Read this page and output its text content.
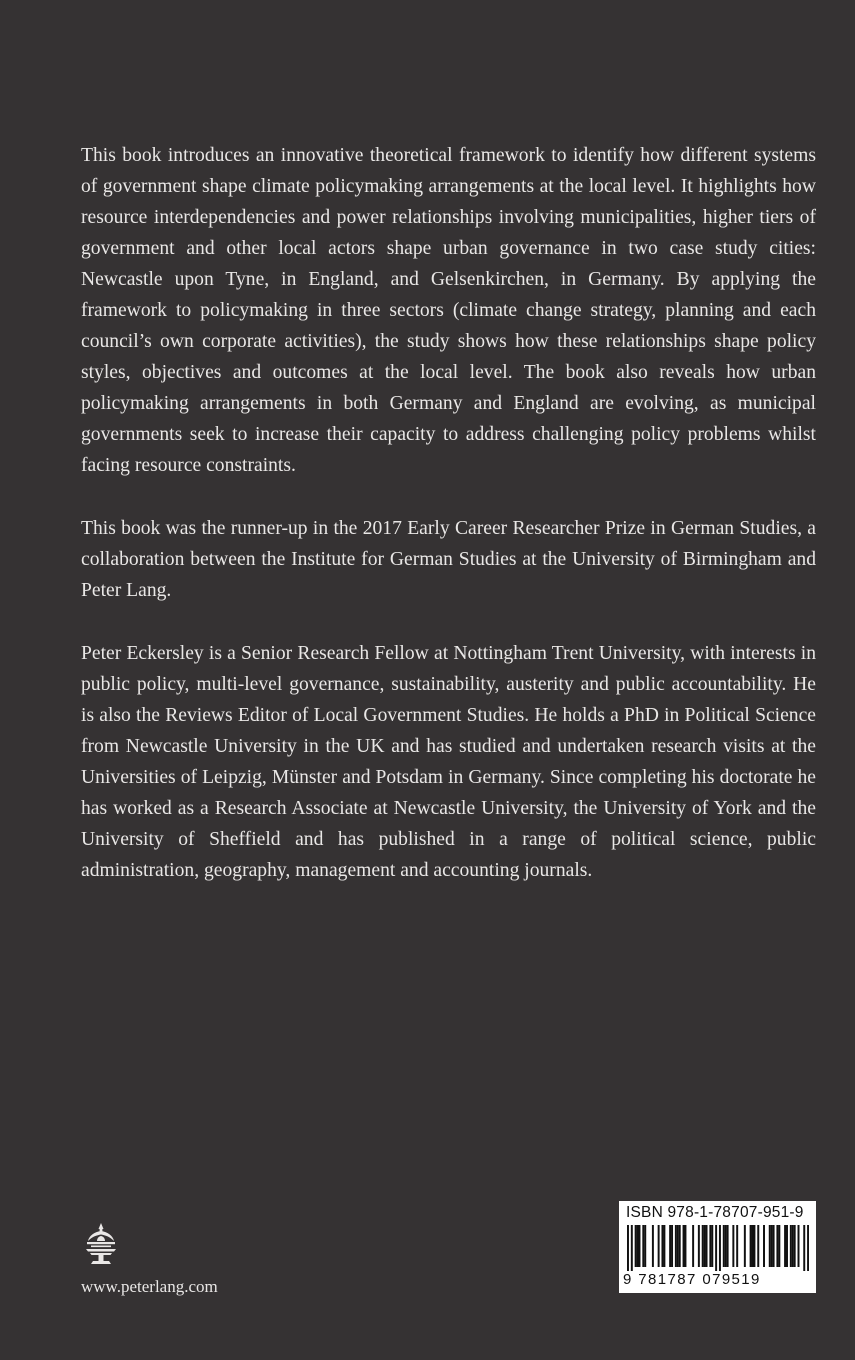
This book introduces an innovative theoretical framework to identify how different systems of government shape climate policymaking arrangements at the local level. It highlights how resource interdependencies and power relationships involving municipalities, higher tiers of government and other local actors shape urban governance in two case study cities: Newcastle upon Tyne, in England, and Gelsenkirchen, in Germany. By applying the framework to policymaking in three sectors (climate change strategy, planning and each council’s own corporate activities), the study shows how these relationships shape policy styles, objectives and outcomes at the local level. The book also reveals how urban policymaking arrangements in both Germany and England are evolving, as municipal governments seek to increase their capacity to address challenging policy problems whilst facing resource constraints.

This book was the runner-up in the 2017 Early Career Researcher Prize in German Studies, a collaboration between the Institute for German Studies at the University of Birmingham and Peter Lang.

Peter Eckersley is a Senior Research Fellow at Nottingham Trent University, with interests in public policy, multi-level governance, sustainability, austerity and public accountability. He is also the Reviews Editor of Local Government Studies. He holds a PhD in Political Science from Newcastle University in the UK and has studied and undertaken research visits at the Universities of Leipzig, Münster and Potsdam in Germany. Since completing his doctorate he has worked as a Research Associate at Newcastle University, the University of York and the University of Sheffield and has published in a range of political science, public administration, geography, management and accounting journals.

www.peterlang.com
ISBN 978-1-78707-951-9
9 781787 079519
